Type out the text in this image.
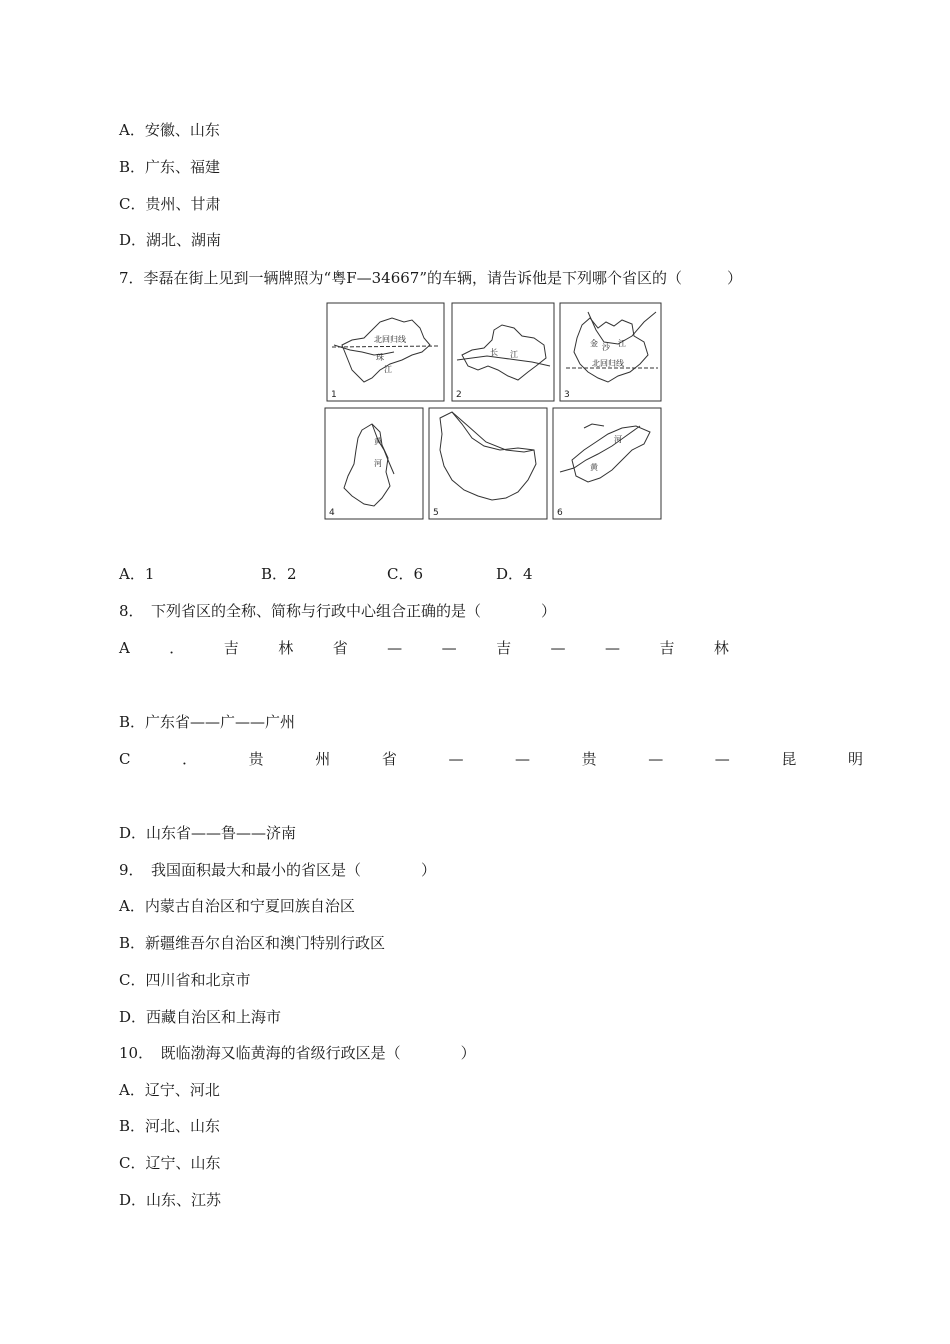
A．安徽、山东
B．广东、福建
C．贵州、甘肃
D．湖北、湖南
7．李磊在街上见到一辆牌照为“粤F—34667”的车辆，请告诉他是下列哪个省区的（　　　）
1	2	3
4	5	6
北回归线
珠
江
长 江
金 沙 江
北回归线
黄
河
河
黄
A．1	B．2	C．6	D．4
8．　下列省区的全称、简称与行政中心组合正确的是（　　　　）
A	．	吉	林	省	—	—	吉	—	—	吉	林
B．广东省——广——广州
C	．	贵	州	省	—	—	贵	—	—	昆	明
D．山东省——鲁——济南
9．　我国面积最大和最小的省区是（　　　　）
A．内蒙古自治区和宁夏回族自治区
B．新疆维吾尔自治区和澳门特别行政区
C．四川省和北京市
D．西藏自治区和上海市
10．　既临渤海又临黄海的省级行政区是（　　　　）
A．辽宁、河北
B．河北、山东
C．辽宁、山东
D．山东、江苏
